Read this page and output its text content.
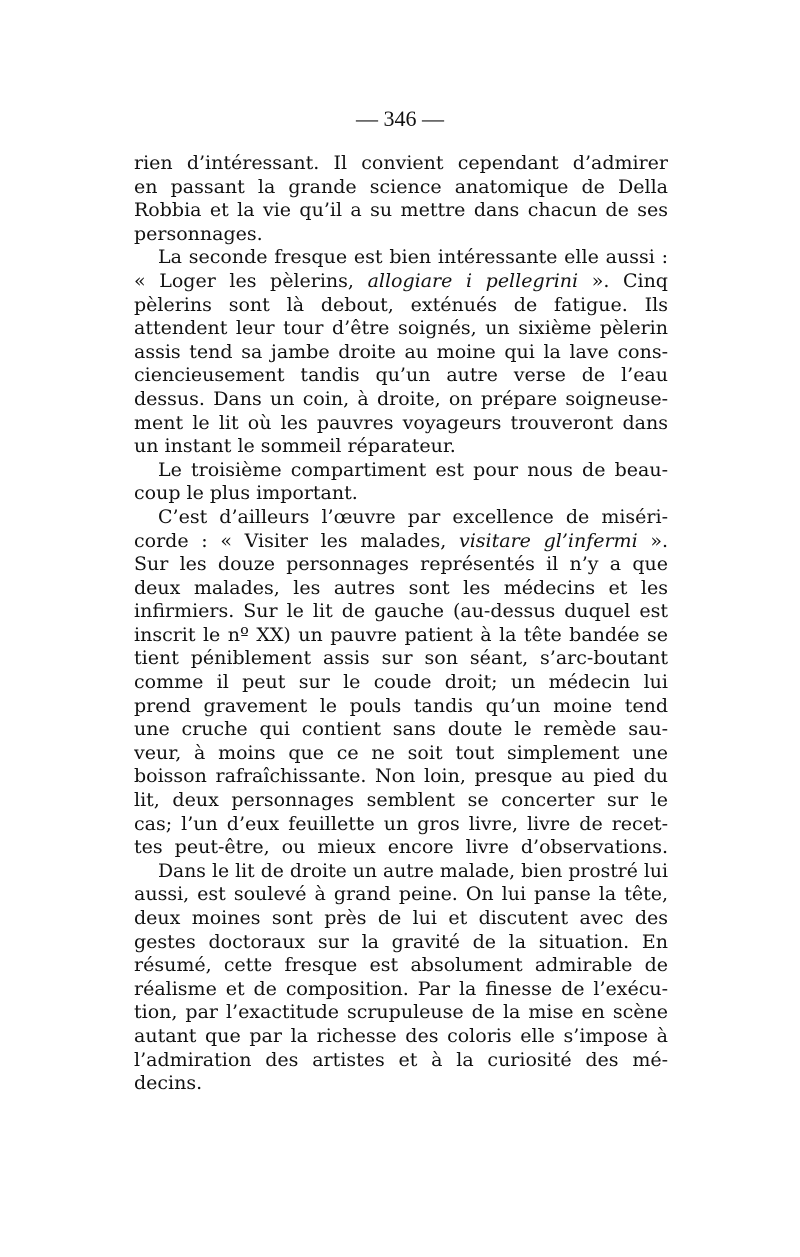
— 346 —
rien d’intéressant. Il convient cependant d’admirer
en passant la grande science anatomique de Della
Robbia et la vie qu’il a su mettre dans chacun de ses
personnages.
La seconde fresque est bien intéressante elle aussi :
« Loger les pèlerins, allogiare i pellegrini ». Cinq
pèlerins sont là debout, exténués de fatigue. Ils
attendent leur tour d’être soignés, un sixième pèlerin
assis tend sa jambe droite au moine qui la lave cons-
ciencieusement tandis qu’un autre verse de l’eau
dessus. Dans un coin, à droite, on prépare soigneuse-
ment le lit où les pauvres voyageurs trouveront dans
un instant le sommeil réparateur.
Le troisième compartiment est pour nous de beau-
coup le plus important.
C’est d’ailleurs l’œuvre par excellence de miséri-
corde : « Visiter les malades, visitare gl’infermi ».
Sur les douze personnages représentés il n’y a que
deux malades, les autres sont les médecins et les
infirmiers. Sur le lit de gauche (au-dessus duquel est
inscrit le nº XX) un pauvre patient à la tête bandée se
tient péniblement assis sur son séant, s’arc-boutant
comme il peut sur le coude droit; un médecin lui
prend gravement le pouls tandis qu’un moine tend
une cruche qui contient sans doute le remède sau-
veur, à moins que ce ne soit tout simplement une
boisson rafraîchissante. Non loin, presque au pied du
lit, deux personnages semblent se concerter sur le
cas; l’un d’eux feuillette un gros livre, livre de recet-
tes peut-être, ou mieux encore livre d’observations.
Dans le lit de droite un autre malade, bien prostré lui
aussi, est soulevé à grand peine. On lui panse la tête,
deux moines sont près de lui et discutent avec des
gestes doctoraux sur la gravité de la situation. En
résumé, cette fresque est absolument admirable de
réalisme et de composition. Par la finesse de l’exécu-
tion, par l’exactitude scrupuleuse de la mise en scène
autant que par la richesse des coloris elle s’impose à
l’admiration des artistes et à la curiosité des mé-
decins.
